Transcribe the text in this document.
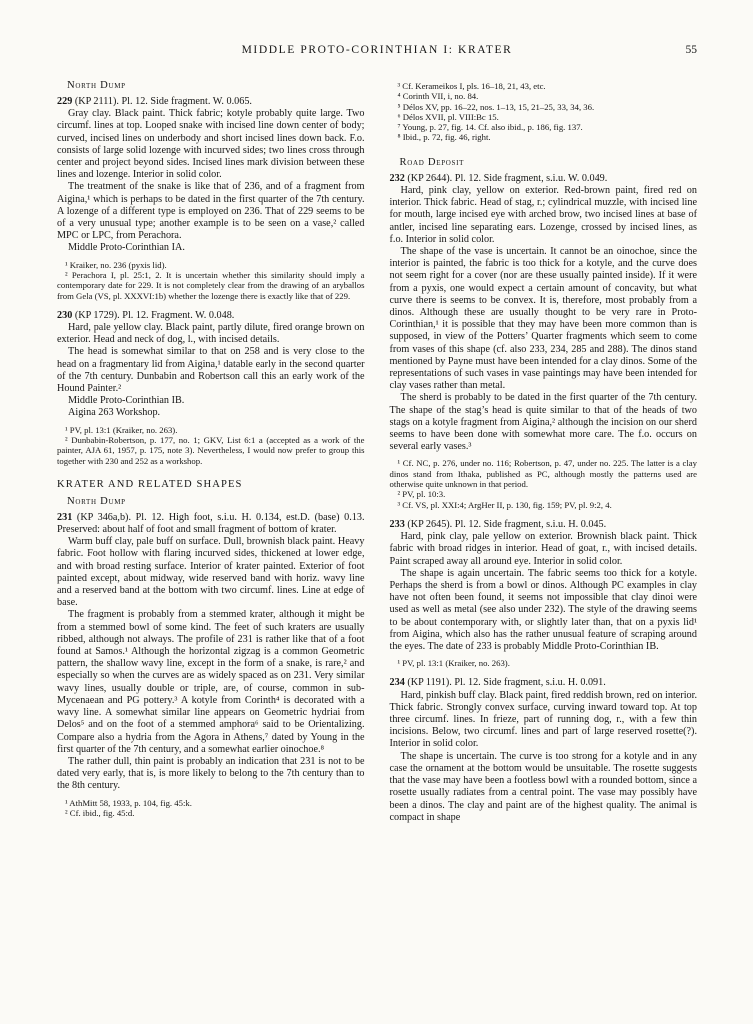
MIDDLE PROTO-CORINTHIAN I: KRATER	55
North Dump

229 (KP 2111). Pl. 12. Side fragment. W. 0.065.

Gray clay. Black paint. Thick fabric; kotyle probably quite large. Two circumf. lines at top. Looped snake with incised line down center of body; curved, incised lines on underbody and short incised lines down back. F.o. consists of large solid lozenge with incurved sides; two lines cross through center and project beyond sides. Incised lines mark division between these lines and lozenge. Interior in solid color.

The treatment of the snake is like that of 236, and of a fragment from Aigina,¹ which is perhaps to be dated in the first quarter of the 7th century. A lozenge of a different type is employed on 236. That of 229 seems to be of a very unusual type; another example is to be seen on a vase,² called MPC or LPC, from Perachora.

Middle Proto-Corinthian IA.

¹ Kraiker, no. 236 (pyxis lid).

² Perachora I, pl. 25:1, 2. It is uncertain whether this similarity should imply a contemporary date for 229. It is not completely clear from the drawing of an aryballos from Gela (VS, pl. XXXVI:1b) whether the lozenge there is exactly like that of 229.

230 (KP 1729). Pl. 12. Fragment. W. 0.048.

Hard, pale yellow clay. Black paint, partly dilute, fired orange brown on exterior. Head and neck of dog, l., with incised details.

The head is somewhat similar to that on 258 and is very close to the head on a fragmentary lid from Aigina,¹ datable early in the second quarter of the 7th century. Dunbabin and Robertson call this an early work of the Hound Painter.²

Middle Proto-Corinthian IB.

Aigina 263 Workshop.

¹ PV, pl. 13:1 (Kraiker, no. 263).

² Dunbabin-Robertson, p. 177, no. 1; GKV, List 6:1 a (accepted as a work of the painter, AJA 61, 1957, p. 175, note 3). Nevertheless, I would now prefer to group this together with 230 and 252 as a workshop.

KRATER AND RELATED SHAPES
North Dump

231 (KP 346a,b). Pl. 12. High foot, s.i.u. H. 0.134, est.D. (base) 0.13. Preserved: about half of foot and small fragment of bottom of krater.

Warm buff clay, pale buff on surface. Dull, brownish black paint. Heavy fabric. Foot hollow with flaring incurved sides, thickened at lower edge, and with broad resting surface. Interior of krater painted. Exterior of foot painted except, about midway, wide reserved band with horiz. wavy line and a reserved band at the bottom with two circumf. lines. Line at edge of base.

The fragment is probably from a stemmed krater, although it might be from a stemmed bowl of some kind. The feet of such kraters are usually ribbed, although not always. The profile of 231 is rather like that of a foot found at Samos.¹ Although the horizontal zigzag is a common Geometric pattern, the shallow wavy line, except in the form of a snake, is rare,² and especially so when the curves are as widely spaced as on 231. Very similar wavy lines, usually double or triple, are, of course, common in sub-Mycenaean and PG pottery.³ A kotyle from Corinth⁴ is decorated with a wavy line. A somewhat similar line appears on Geometric hydriai from Delos⁵ and on the foot of a stemmed amphora⁶ said to be Orientalizing. Compare also a hydria from the Agora in Athens,⁷ dated by Young in the first quarter of the 7th century, and a somewhat earlier oinochoe.⁸

The rather dull, thin paint is probably an indication that 231 is not to be dated very early, that is, is more likely to belong to the 7th century than to the 8th century.

¹ AthMitt 58, 1933, p. 104, fig. 45:k.

² Cf. ibid., fig. 45:d.

³ Cf. Kerameikos I, pls. 16–18, 21, 43, etc.

⁴ Corinth VII, i, no. 84.

⁵ Délos XV, pp. 16–22, nos. 1–13, 15, 21–25, 33, 34, 36.

⁶ Délos XVII, pl. VIII:Bc 15.

⁷ Young, p. 27, fig. 14. Cf. also ibid., p. 186, fig. 137.

⁸ Ibid., p. 72, fig. 46, right.

Road Deposit

232 (KP 2644). Pl. 12. Side fragment, s.i.u. W. 0.049.

Hard, pink clay, yellow on exterior. Red-brown paint, fired red on interior. Thick fabric. Head of stag, r.; cylindrical muzzle, with incised line for mouth, large incised eye with arched brow, two incised lines at base of antler, incised line separating ears. Lozenge, crossed by incised lines, as f.o. Interior in solid color.

The shape of the vase is uncertain. It cannot be an oinochoe, since the interior is painted, the fabric is too thick for a kotyle, and the curve does not seem right for a cover (nor are these usually painted inside). If it were from a pyxis, one would expect a certain amount of concavity, but what curve there is seems to be convex. It is, therefore, most probably from a dinos. Although these are usually thought to be very rare in Proto-Corinthian,¹ it is possible that they may have been more common than is supposed, in view of the Potters’ Quarter fragments which seem to come from vases of this shape (cf. also 233, 234, 285 and 288). The dinos stand mentioned by Payne must have been intended for a clay dinos. Some of the representations of such vases in vase paintings may have been intended for clay vases rather than metal.

The sherd is probably to be dated in the first quarter of the 7th century. The shape of the stag’s head is quite similar to that of the heads of two stags on a kotyle fragment from Aigina,² although the incision on our sherd seems to have been done with somewhat more care. The f.o. occurs on several early vases.³

¹ Cf. NC, p. 276, under no. 116; Robertson, p. 47, under no. 225. The latter is a clay dinos stand from Ithaka, published as PC, although mostly the patterns used are otherwise quite unknown in that period.

² PV, pl. 10:3.

³ Cf. VS, pl. XXI:4; ArgHer II, p. 130, fig. 159; PV, pl. 9:2, 4.

233 (KP 2645). Pl. 12. Side fragment, s.i.u. H. 0.045.

Hard, pink clay, pale yellow on exterior. Brownish black paint. Thick fabric with broad ridges in interior. Head of goat, r., with incised details. Paint scraped away all around eye. Interior in solid color.

The shape is again uncertain. The fabric seems too thick for a kotyle. Perhaps the sherd is from a bowl or dinos. Although PC examples in clay have not often been found, it seems not impossible that clay dinoi were used as well as metal (see also under 232). The style of the drawing seems to be about contemporary with, or slightly later than, that on a pyxis lid¹ from Aigina, which also has the rather unusual feature of scraping around the eyes. The date of 233 is probably Middle Proto-Corinthian IB.

¹ PV, pl. 13:1 (Kraiker, no. 263).

234 (KP 1191). Pl. 12. Side fragment, s.i.u. H. 0.091.

Hard, pinkish buff clay. Black paint, fired reddish brown, red on interior. Thick fabric. Strongly convex surface, curving inward toward top. At top three circumf. lines. In frieze, part of running dog, r., with a few thin incisions. Below, two circumf. lines and part of large reserved rosette(?). Interior in solid color.

The shape is uncertain. The curve is too strong for a kotyle and in any case the ornament at the bottom would be unsuitable. The rosette suggests that the vase may have been a footless bowl with a rounded bottom, since a rosette usually radiates from a central point. The vase may possibly have been a dinos. The clay and paint are of the highest quality. The animal is compact in shape
